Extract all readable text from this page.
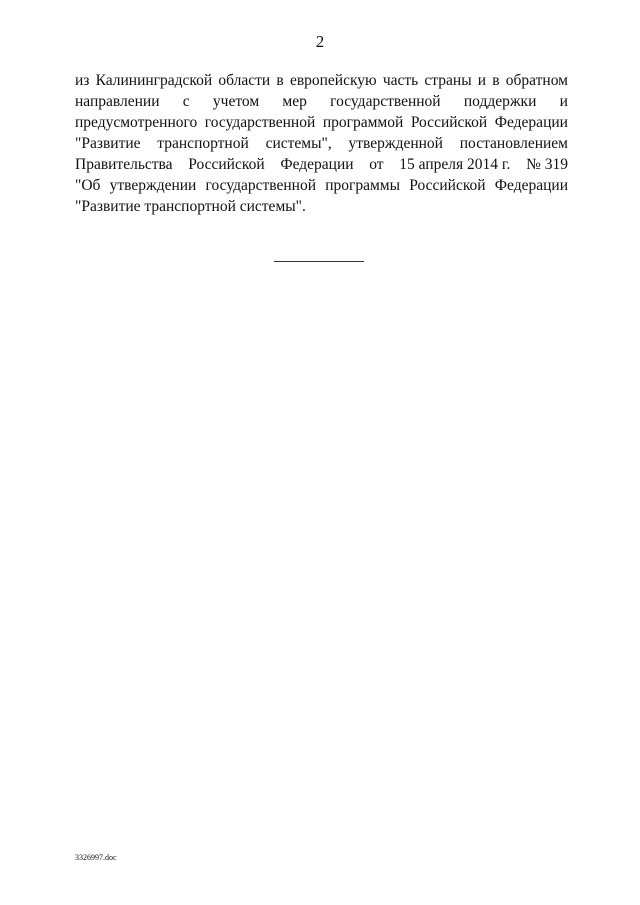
2
из Калининградской области в европейскую часть страны и в обратном
направлении с учетом мер государственной поддержки и
предусмотренного государственной программой Российской Федерации
"Развитие транспортной системы", утвержденной постановлением
Правительства Российской Федерации от 15 апреля 2014 г. № 319
"Об утверждении государственной программы Российской Федерации
"Развитие транспортной системы".
3326997.doc
